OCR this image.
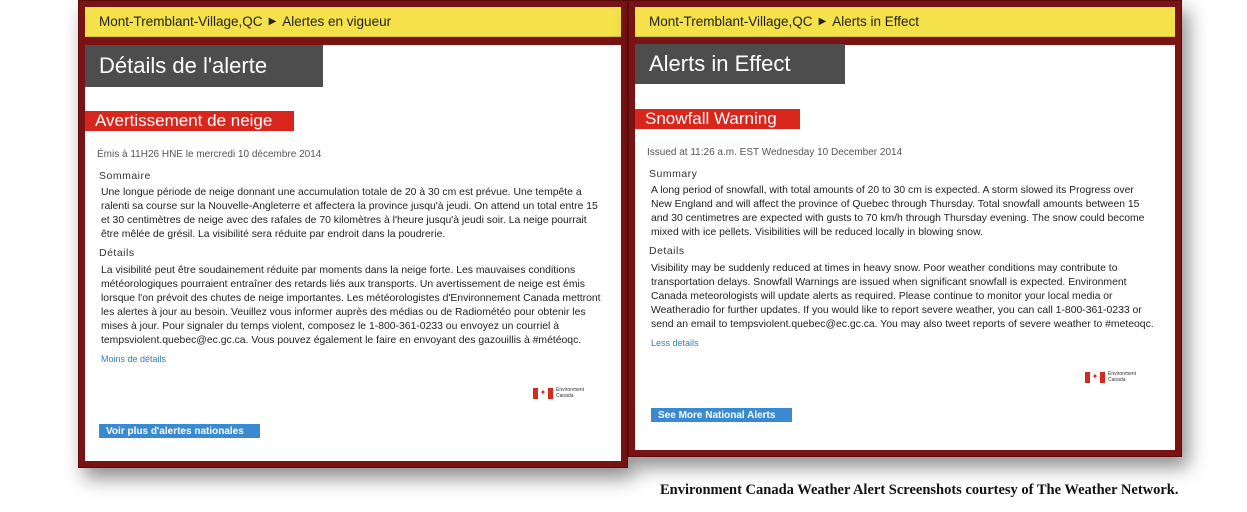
Mont-Tremblant-Village,QC ▶ Alertes en vigueur
Détails de l'alerte
Avertissement de neige
Émis à 11H26 HNE le mercredi 10 décembre 2014
Sommaire

Une longue période de neige donnant une accumulation totale de 20 à 30 cm est prévue. Une tempête a ralenti sa course sur la Nouvelle-Angleterre et affectera la province jusqu'à jeudi. On attend un total entre 15 et 30 centimètres de neige avec des rafales de 70 kilomètres à l'heure jusqu'à jeudi soir. La neige pourrait être mêlée de grésil. La visibilité sera réduite par endroit dans la poudrerie.

Détails

La visibilité peut être soudainement réduite par moments dans la neige forte. Les mauvaises conditions météorologiques pourraient entraîner des retards liés aux transports. Un avertissement de neige est émis lorsque l'on prévoit des chutes de neige importantes. Les météorologistes d'Environnement Canada mettront les alertes à jour au besoin. Veuillez vous informer auprès des médias ou de Radiométéo pour obtenir les mises à jour. Pour signaler du temps violent, composez le 1-800-361-0233 ou envoyez un courriel à tempsviolent.quebec@ec.gc.ca. Vous pouvez également le faire en envoyant des gazouillis à #météoqc.

Moins de détails
✦	Environment
Canada
Voir plus d'alertes nationales
Mont-Tremblant-Village,QC ▶ Alerts in Effect
Alerts in Effect
Snowfall Warning
Issued at 11:26 a.m. EST Wednesday 10 December 2014
Summary

A long period of snowfall, with total amounts of 20 to 30 cm is expected. A storm slowed its Progress over New England and will affect the province of Quebec through Thursday. Total snowfall amounts between 15 and 30 centimetres are expected with gusts to 70 km/h through Thursday evening. The snow could become mixed with ice pellets. Visibilities will be reduced locally in blowing snow.

Details

Visibility may be suddenly reduced at times in heavy snow. Poor weather conditions may contribute to transportation delays. Snowfall Warnings are issued when significant snowfall is expected. Environment Canada meteorologists will update alerts as required. Please continue to monitor your local media or Weatheradio for further updates. If you would like to report severe weather, you can call 1-800-361-0233 or send an email to tempsviolent.quebec@ec.gc.ca. You may also tweet reports of severe weather to #meteoqc.

Less details
✦	Environment
Canada
See More National Alerts
Environment Canada Weather Alert Screenshots courtesy of The Weather Network.
